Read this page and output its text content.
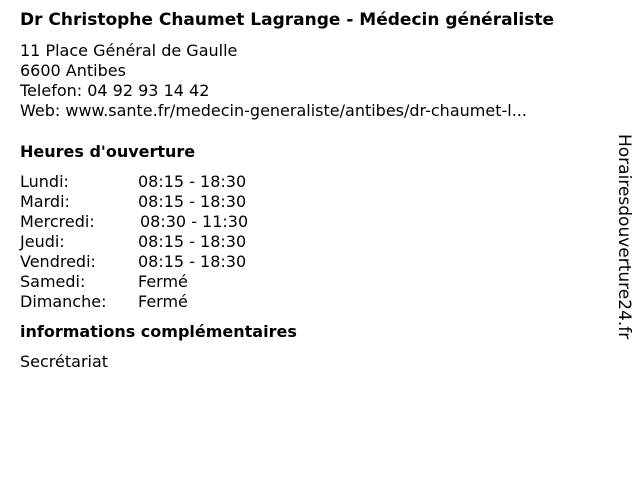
Dr Christophe Chaumet Lagrange - Médecin généraliste
11 Place Général de Gaulle
6600 Antibes
Telefon: 04 92 93 14 42
Web: www.sante.fr/medecin-generaliste/antibes/dr-chaumet-l...
Heures d'ouverture
Lundi:	08:15 - 18:30
Mardi:	08:15 - 18:30
Mercredi:	08:30 - 11:30
Jeudi:	08:15 - 18:30
Vendredi:	08:15 - 18:30
Samedi:	Fermé
Dimanche:	Fermé
informations complémentaires
Secrétariat
Horairesdouverture24.fr
